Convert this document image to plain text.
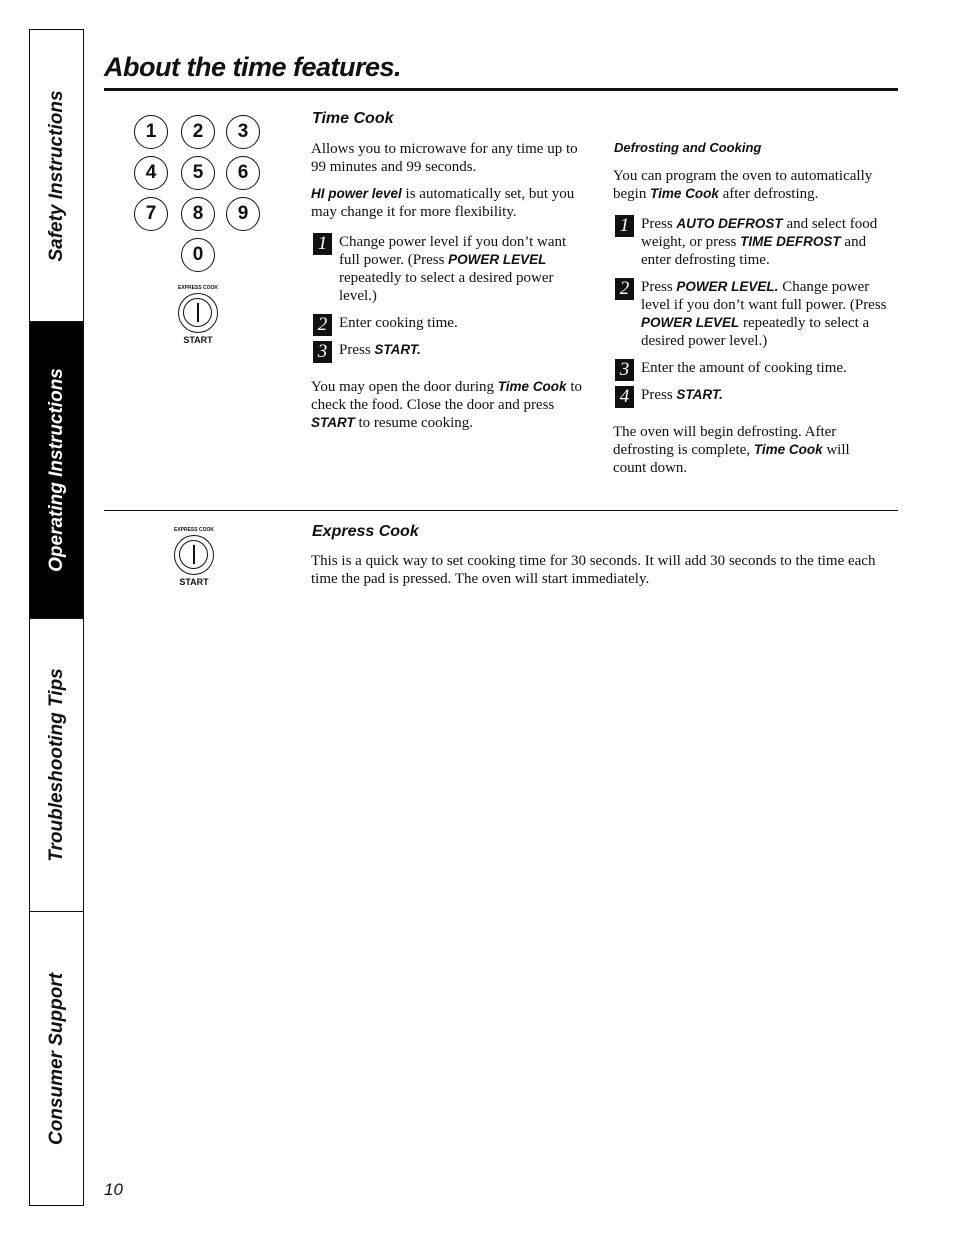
Safety Instructions
Operating Instructions
Troubleshooting Tips
Consumer Support
About the time features.
1	2	3
4	5	6
7	8	9
0
EXPRESS COOK
START
Time Cook
Allows you to microwave for any time up to 99 minutes and 99 seconds.
HI power level is automatically set, but you may change it for more flexibility.
1 Change power level if you don’t want full power. (Press POWER LEVEL repeatedly to select a desired power level.)
2 Enter cooking time.
3 Press START.
You may open the door during Time Cook to check the food. Close the door and press START to resume cooking.
Defrosting and Cooking
You can program the oven to automatically begin Time Cook after defrosting.
1 Press AUTO DEFROST and select food weight, or press TIME DEFROST and enter defrosting time.
2 Press POWER LEVEL. Change power level if you don’t want full power. (Press POWER LEVEL repeatedly to select a desired power level.)
3 Enter the amount of cooking time.
4 Press START.
The oven will begin defrosting. After defrosting is complete, Time Cook will count down.
EXPRESS COOK
START
Express Cook
This is a quick way to set cooking time for 30 seconds. It will add 30 seconds to the time each time the pad is pressed. The oven will start immediately.
10
